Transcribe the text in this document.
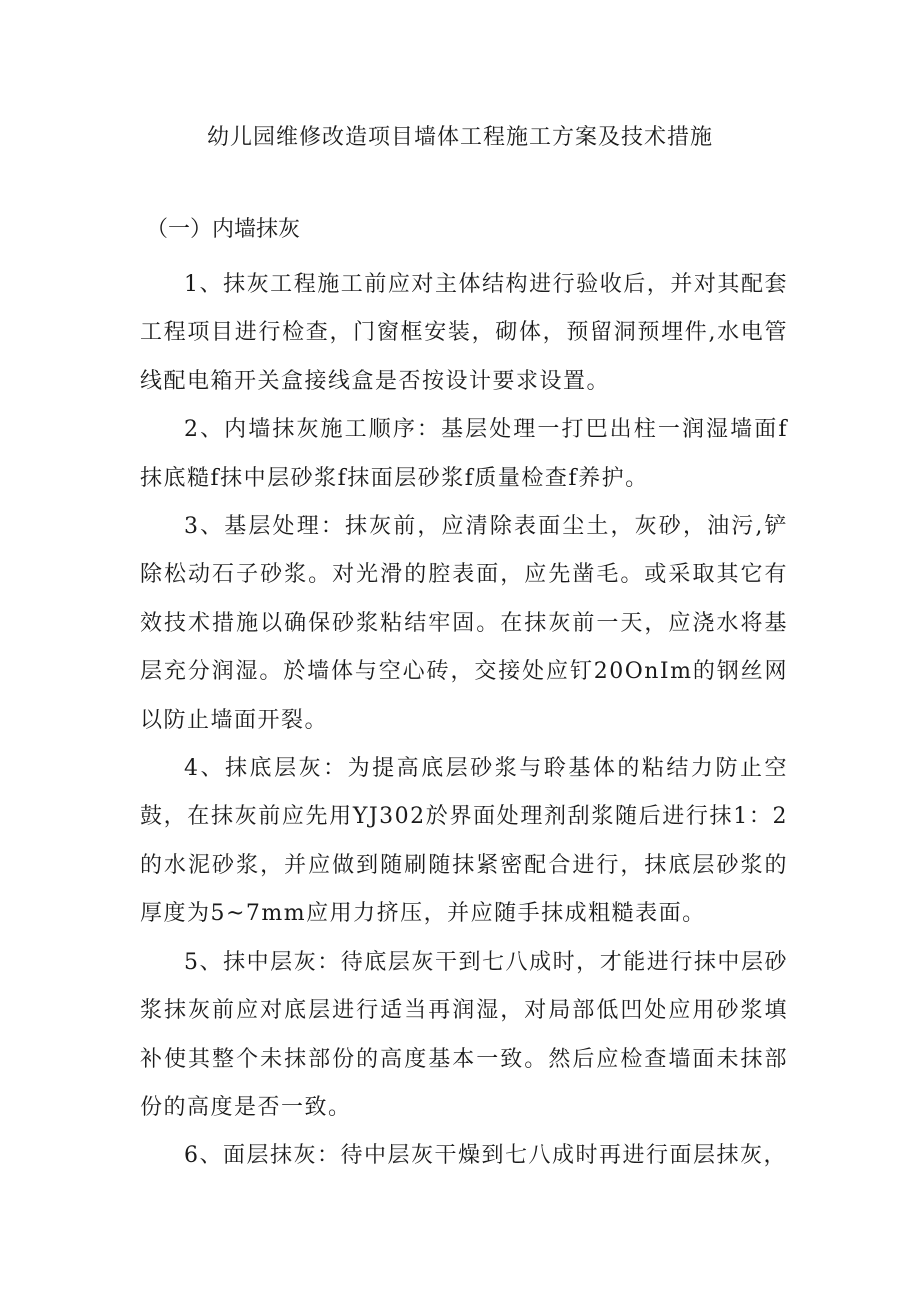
幼儿园维修改造项目墙体工程施工方案及技术措施
（一）内墙抹灰

1、抹灰工程施工前应对主体结构进行验收后，并对其配套工程项目进行检查，门窗框安装，砌体，预留洞预埋件,水电管线配电箱开关盒接线盒是否按设计要求设置。

2、内墙抹灰施工顺序：基层处理一打巴出柱一润湿墙面f抹底糙f抹中层砂浆f抹面层砂浆f质量检查f养护。

3、基层处理：抹灰前，应清除表面尘土，灰砂，油污,铲除松动石子砂浆。对光滑的腔表面，应先凿毛。或采取其它有效技术措施以确保砂浆粘结牢固。在抹灰前一天，应浇水将基层充分润湿。於墙体与空心砖，交接处应钉20OnIm的钢丝网以防止墙面开裂。

4、抹底层灰：为提高底层砂浆与聆基体的粘结力防止空鼓，在抹灰前应先用YJ302於界面处理剂刮浆随后进行抹1：2的水泥砂浆，并应做到随刷随抹紧密配合进行，抹底层砂浆的厚度为5~7mm应用力挤压，并应随手抹成粗糙表面。

5、抹中层灰：待底层灰干到七八成时，才能进行抹中层砂浆抹灰前应对底层进行适当再润湿，对局部低凹处应用砂浆填补使其整个未抹部份的高度基本一致。然后应检查墙面未抹部份的高度是否一致。

6、面层抹灰：待中层灰干燥到七八成时再进行面层抹灰，
